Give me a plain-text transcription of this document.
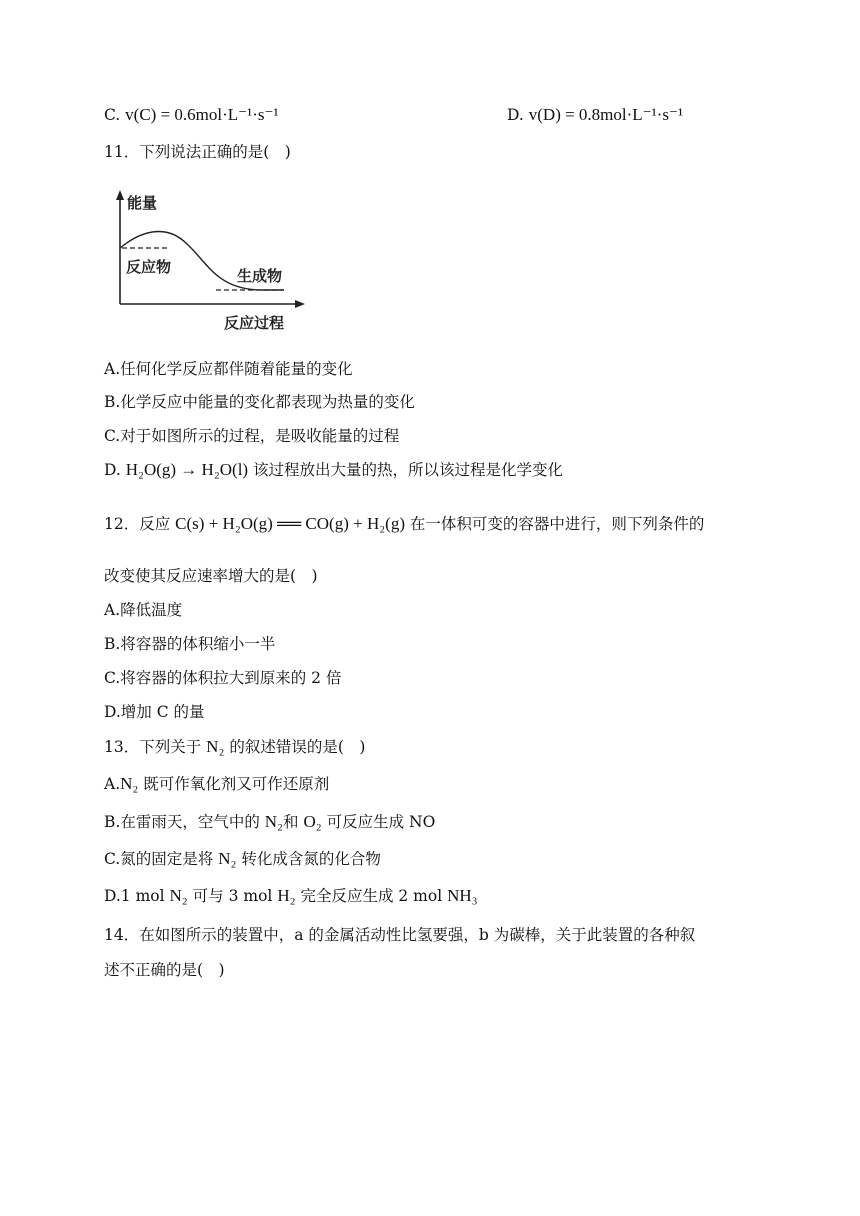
C. v(C) = 0.6mol·L⁻¹·s⁻¹	D. v(D) = 0.8mol·L⁻¹·s⁻¹
11．下列说法正确的是(　)
能量
反应物	生成物
反应过程
A.任何化学反应都伴随着能量的变化
B.化学反应中能量的变化都表现为热量的变化
C.对于如图所示的过程，是吸收能量的过程
D. H₂O(g) → H₂O(l) 该过程放出大量的热，所以该过程是化学变化
12．反应 C(s) + H₂O(g) ══ CO(g) + H₂(g) 在一体积可变的容器中进行，则下列条件的
改变使其反应速率增大的是(　)
A.降低温度
B.将容器的体积缩小一半
C.将容器的体积拉大到原来的 2 倍
D.增加 C 的量
13．下列关于 N₂ 的叙述错误的是(　)
A.N₂ 既可作氧化剂又可作还原剂
B.在雷雨天，空气中的 N₂和 O₂ 可反应生成 NO
C.氮的固定是将 N₂ 转化成含氮的化合物
D.1 mol N₂ 可与 3 mol H₂ 完全反应生成 2 mol NH₃
14．在如图所示的装置中，a 的金属活动性比氢要强，b 为碳棒，关于此装置的各种叙
述不正确的是(　)
